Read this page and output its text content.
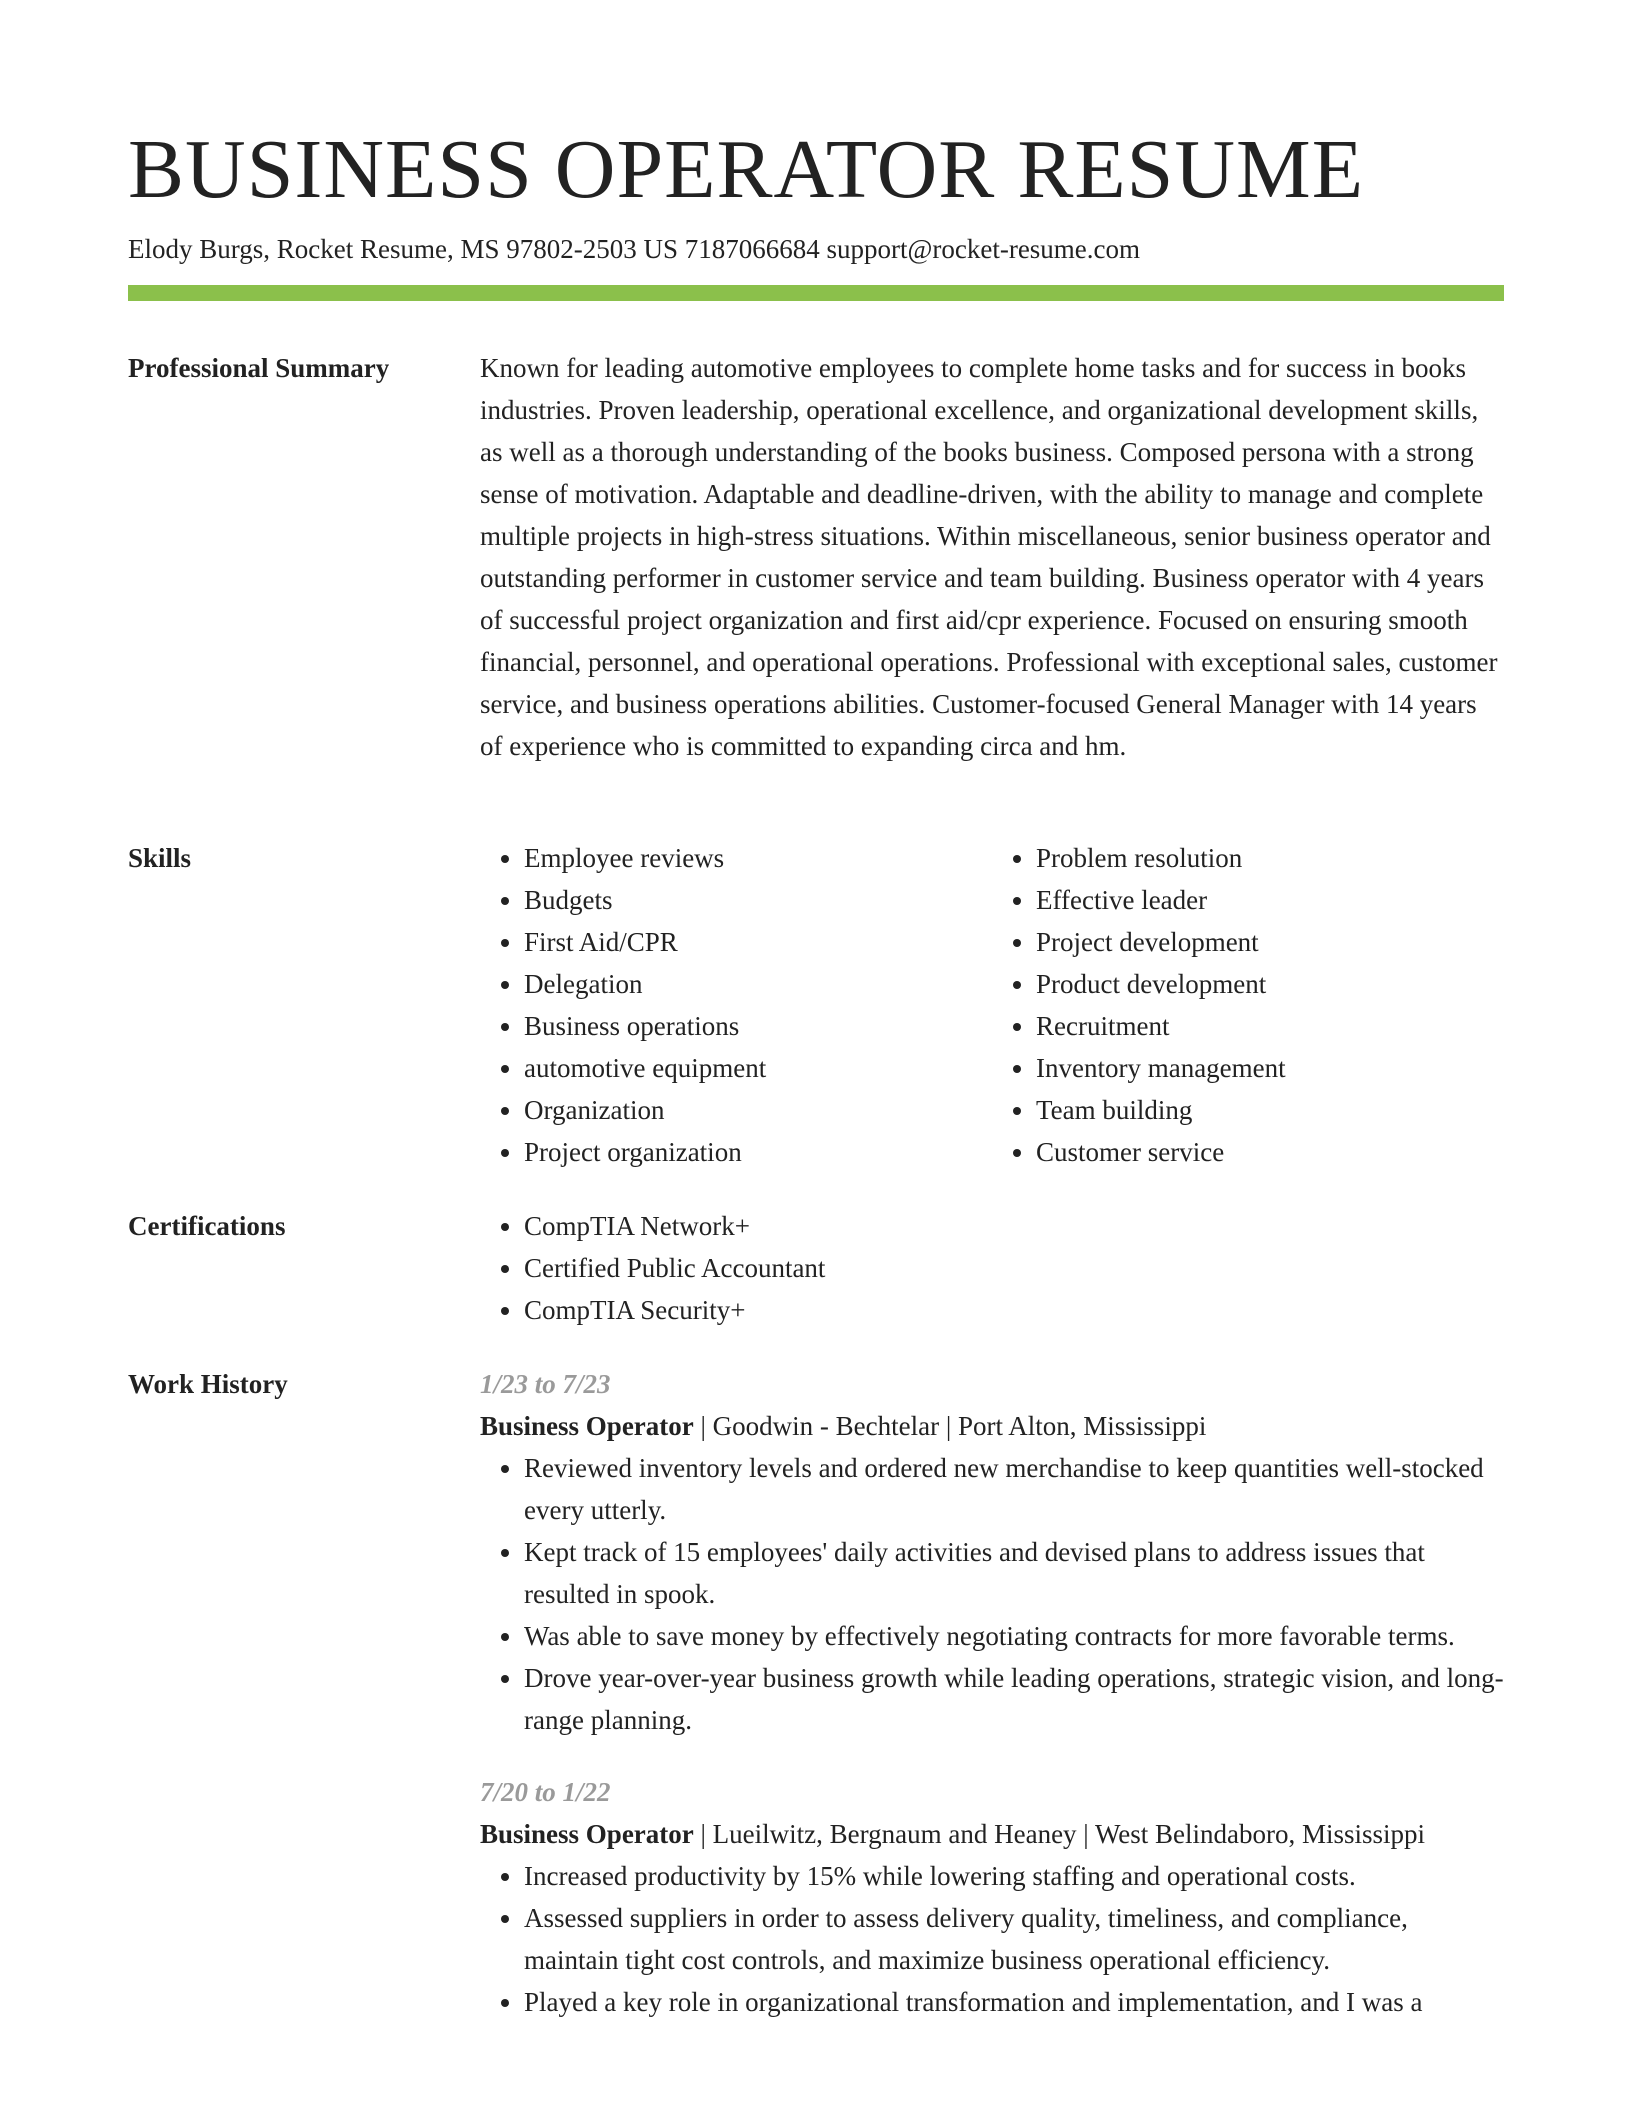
BUSINESS OPERATOR RESUME
Elody Burgs, Rocket Resume, MS 97802-2503 US 7187066684 support@rocket-resume.com
Professional Summary	Known for leading automotive employees to complete home tasks and for success in books industries. Proven leadership, operational excellence, and organizational development skills, as well as a thorough understanding of the books business. Composed persona with a strong sense of motivation. Adaptable and deadline-driven, with the ability to manage and complete multiple projects in high-stress situations. Within miscellaneous, senior business operator and outstanding performer in customer service and team building. Business operator with 4 years of successful project organization and first aid/cpr experience. Focused on ensuring smooth financial, personnel, and operational operations. Professional with exceptional sales, customer service, and business operations abilities. Customer-focused General Manager with 14 years of experience who is committed to expanding circa and hm.

Skills	• Employee reviews
• Budgets
• First Aid/CPR
• Delegation
• Business operations
• automotive equipment
• Organization
• Project organization
• Problem resolution
• Effective leader
• Project development
• Product development
• Recruitment
• Inventory management
• Team building
• Customer service
Certifications	• CompTIA Network+
• Certified Public Accountant
• CompTIA Security+
Work History	1/23 to 7/23
Business Operator | Goodwin - Bechtelar | Port Alton, Mississippi
• Reviewed inventory levels and ordered new merchandise to keep quantities well-stocked every utterly.
• Kept track of 15 employees' daily activities and devised plans to address issues that resulted in spook.
• Was able to save money by effectively negotiating contracts for more favorable terms.
• Drove year-over-year business growth while leading operations, strategic vision, and long-range planning.
7/20 to 1/22
Business Operator | Lueilwitz, Bergnaum and Heaney | West Belindaboro, Mississippi
• Increased productivity by 15% while lowering staffing and operational costs.
• Assessed suppliers in order to assess delivery quality, timeliness, and compliance, maintain tight cost controls, and maximize business operational efficiency.
• Played a key role in organizational transformation and implementation, and I was a
